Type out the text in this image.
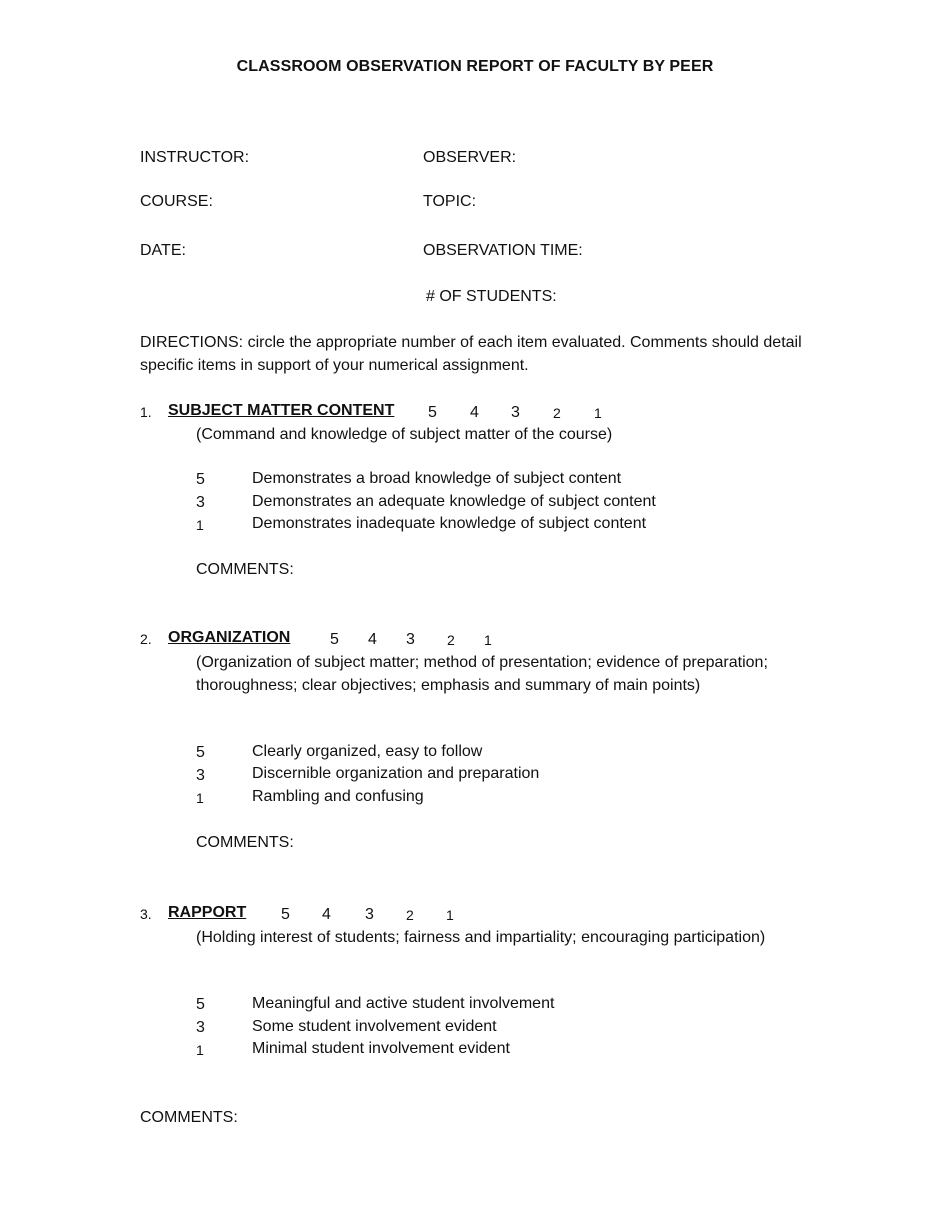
CLASSROOM OBSERVATION REPORT OF FACULTY BY PEER
INSTRUCTOR:	OBSERVER:
COURSE:	TOPIC:
DATE:	OBSERVATION TIME:
# OF STUDENTS:
DIRECTIONS: circle the appropriate number of each item evaluated. Comments should detail specific items in support of your numerical assignment.
1. SUBJECT MATTER CONTENT 5 4 3 2 1
(Command and knowledge of subject matter of the course)
5	Demonstrates a broad knowledge of subject content
3	Demonstrates an adequate knowledge of subject content
1	Demonstrates inadequate knowledge of subject content
COMMENTS:
2. ORGANIZATION 5 4 3 2 1
(Organization of subject matter; method of presentation; evidence of preparation; thoroughness; clear objectives; emphasis and summary of main points)
5	Clearly organized, easy to follow
3	Discernible organization and preparation
1	Rambling and confusing
COMMENTS:
3. RAPPORT 5 4 3 2 1
(Holding interest of students; fairness and impartiality; encouraging participation)
5	Meaningful and active student involvement
3	Some student involvement evident
1	Minimal student involvement evident
COMMENTS:
